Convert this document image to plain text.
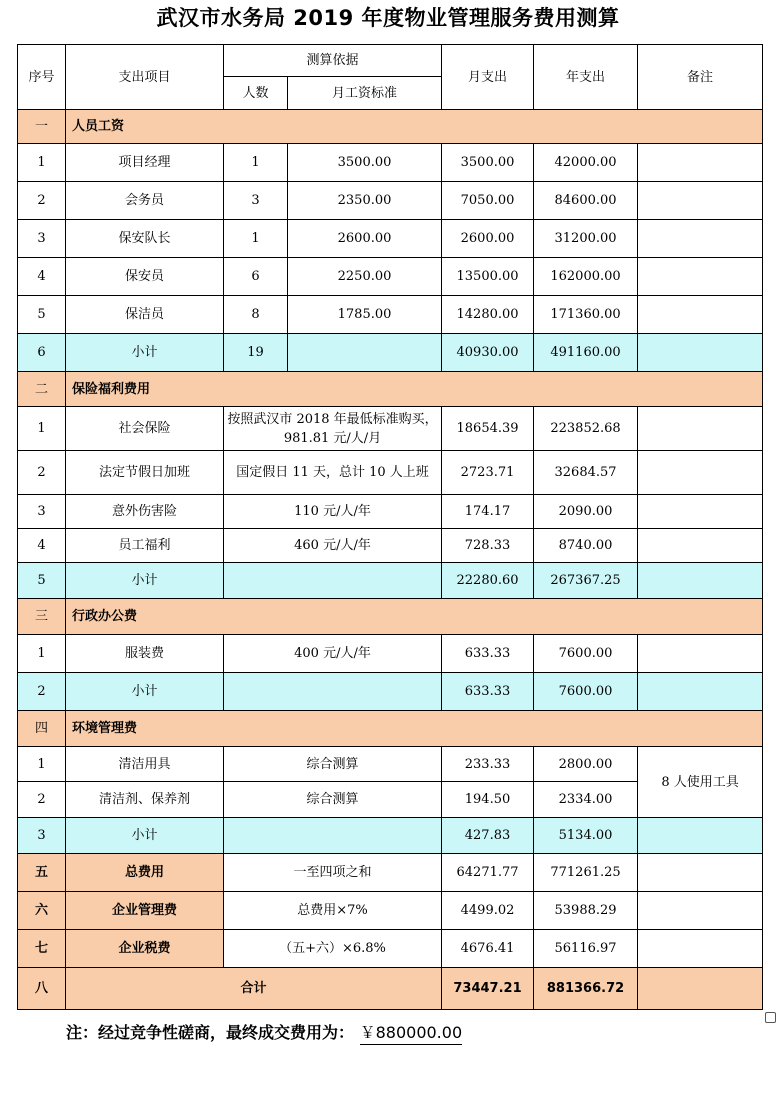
武汉市水务局 2019 年度物业管理服务费用测算
序号	支出项目	测算依据		月支出	年支出	备注
		人数	月工资标准			
一	人员工资					
1	项目经理	1	3500.00	3500.00	42000.00	
2	会务员	3	2350.00	7050.00	84600.00	
3	保安队长	1	2600.00	2600.00	31200.00	
4	保安员	6	2250.00	13500.00	162000.00	
5	保洁员	8	1785.00	14280.00	171360.00	
6	小计	19		40930.00	491160.00	
二	保险福利费用					
1	社会保险	按照武汉市 2018 年最低标准购买，981.81 元/人/月		18654.39	223852.68	
2	法定节假日加班	国定假日 11 天，总计 10 人上班		2723.71	32684.57	
3	意外伤害险	110 元/人/年		174.17	2090.00	
4	员工福利	460 元/人/年		728.33	8740.00	
5	小计			22280.60	267367.25	
三	行政办公费					
1	服装费	400 元/人/年		633.33	7600.00	
2	小计			633.33	7600.00	
四	环境管理费					
1	清洁用具	综合测算		233.33	2800.00	8 人使用工具
2	清洁剂、保养剂	综合测算		194.50	2334.00	
3	小计			427.83	5134.00	
五	总费用	一至四项之和		64271.77	771261.25	
六	企业管理费	总费用×7%		4499.02	53988.29	
七	企业税费	（五+六）×6.8%		4676.41	56116.97	
八	合计			73447.21	881366.72	
注：经过竞争性磋商，最终成交费用为： ￥880000.00
